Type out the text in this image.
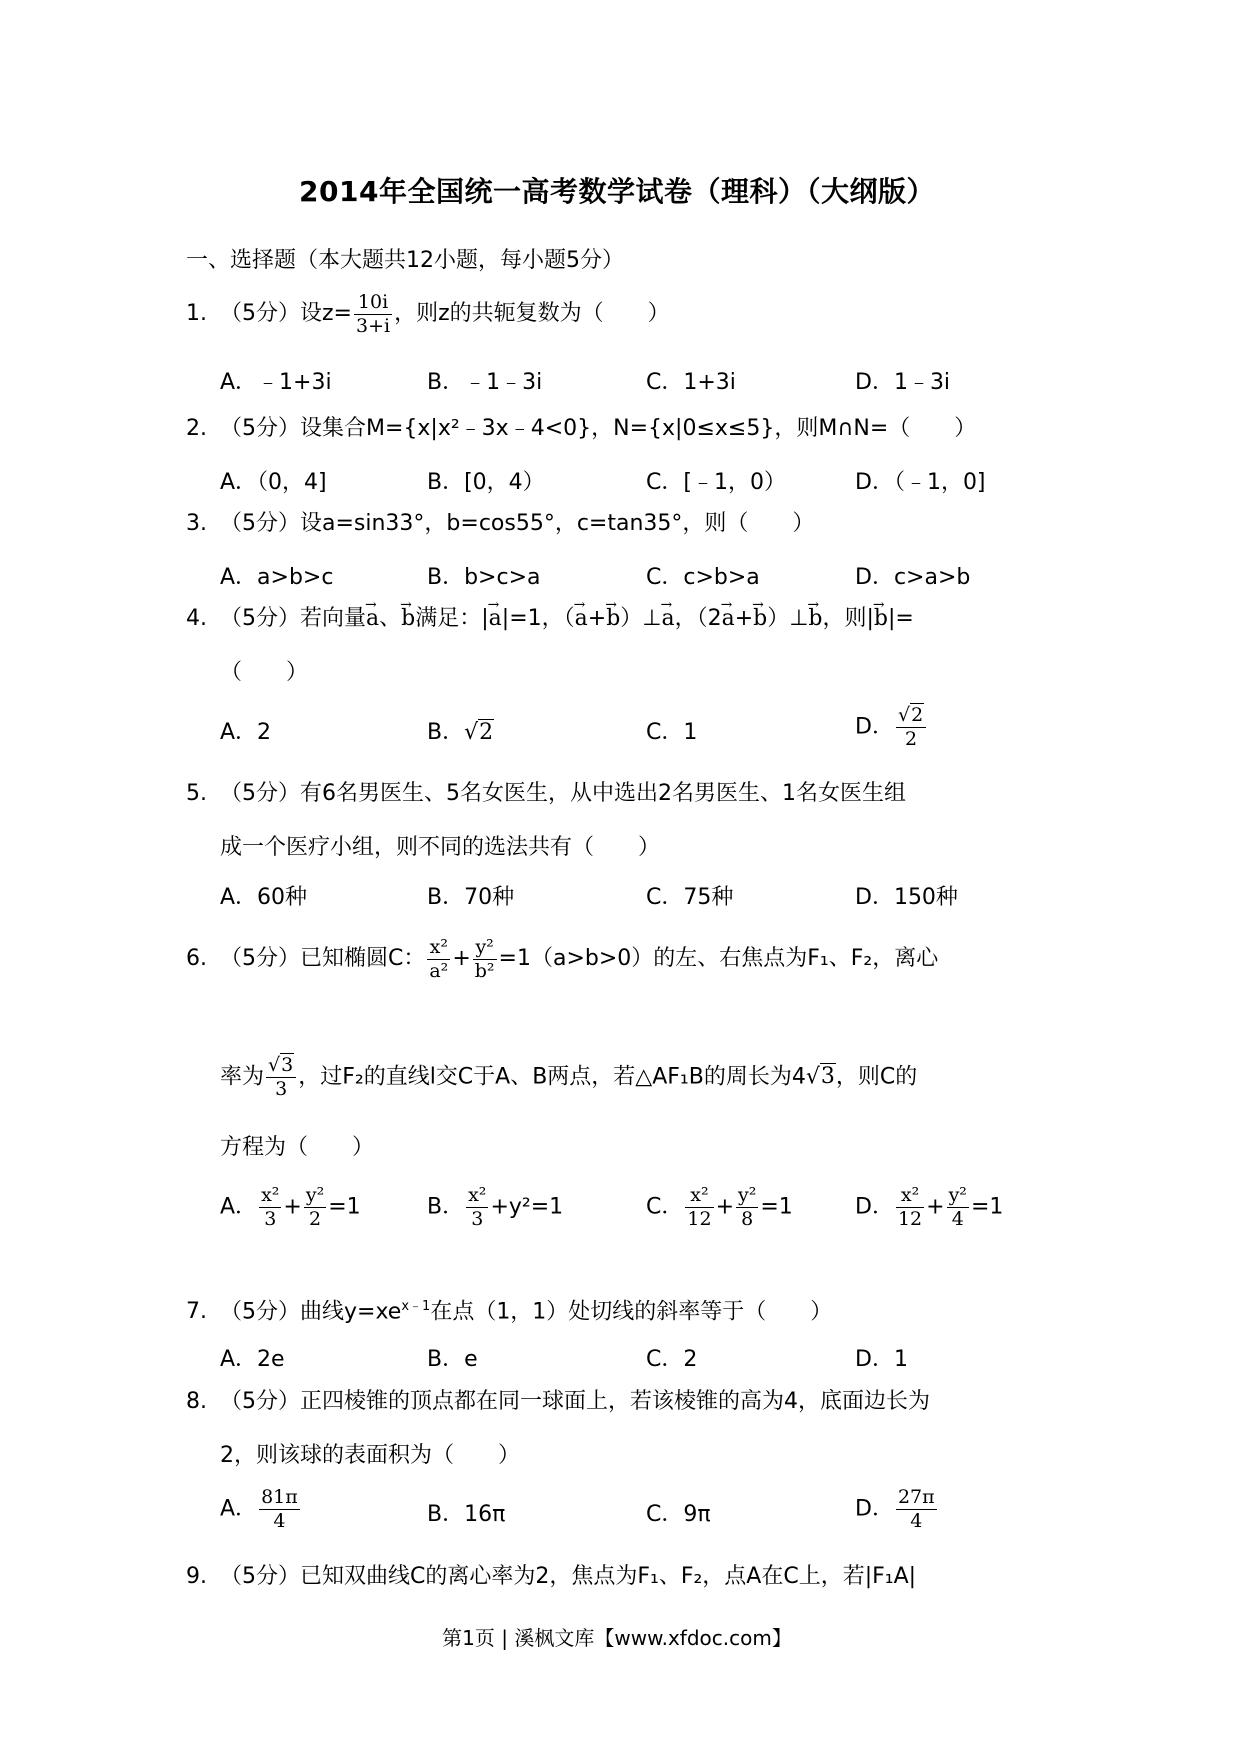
2014年全国统一高考数学试卷（理科）（大纲版）
一、选择题（本大题共12小题，每小题5分）
1. （5分）设$z= \frac{10i}{3+i}$ ，则z的共轭复数为（　　）
A．﹣1+3i	B．﹣1﹣3i	C．1+3i	D．1﹣3i
2. （5分）设集合M={x|x²﹣3x﹣4<0}，N={x|0≤x≤5}，则M∩N=（　　）
A．（0，4]	B．[0，4）	C．[﹣1，0）	D．（﹣1，0]
3. （5分）设a=sin33°，b=cos55°，c=tan35°，则（　　）
A．a>b>c	B．b>c>a	C．c>b>a	D．c>a>b
4. （5分）若向量→ a、→ b满足：|→ a|=1，（→ a+→ b）⊥→ a，（2→ a+→ b）⊥→ b，则|→ b|=
（　　）
A．2	B．√2	C．1	D． $\frac{√2}{2}$
5. （5分）有6名男医生、5名女医生，从中选出2名男医生、1名女医生组
成一个医疗小组，则不同的选法共有（　　）
A．60种	B．70种	C．75种	D．150种
6. （5分）已知椭圆C： $\frac{\text{x²}}{\text{a²}} + \frac{\text{y²}}{\text{b²}} =1(a>b>0)$的左、右焦点为F₁、F₂，离心
率为 $\frac{√3}{3}$ ，过F₂的直线l交C于A、B两点，若△AF₁B的周长为4√3，则C的
方程为（　　）
A． $\frac{\text{x²}}{3} + \frac{\text{y²}}{2} =1$	B． $\frac{\text{x²}}{3} +y^2=1$	C． $\frac{\text{x²}}{12} + \frac{\text{y²}}{8} =1$	D． $\frac{\text{x²}}{12} + \frac{\text{y²}}{4} =1$
7. （5分）曲线$y=xe^{x﹣1}$在点（1，1）处切线的斜率等于（　　）
A．2e	B．e	C．2	D．1
8. （5分）正四棱锥的顶点都在同一球面上，若该棱锥的高为4，底面边长为
2，则该球的表面积为（　　）
A． $\frac{81\pi}{4}$	B．16π	C．9π	D． $\frac{27\pi}{4}$
9. （5分）已知双曲线C的离心率为2，焦点为F₁、F₂，点A在C上，若|F₁A|
第1页 | 溪枫文库【www.xfdoc.com】
